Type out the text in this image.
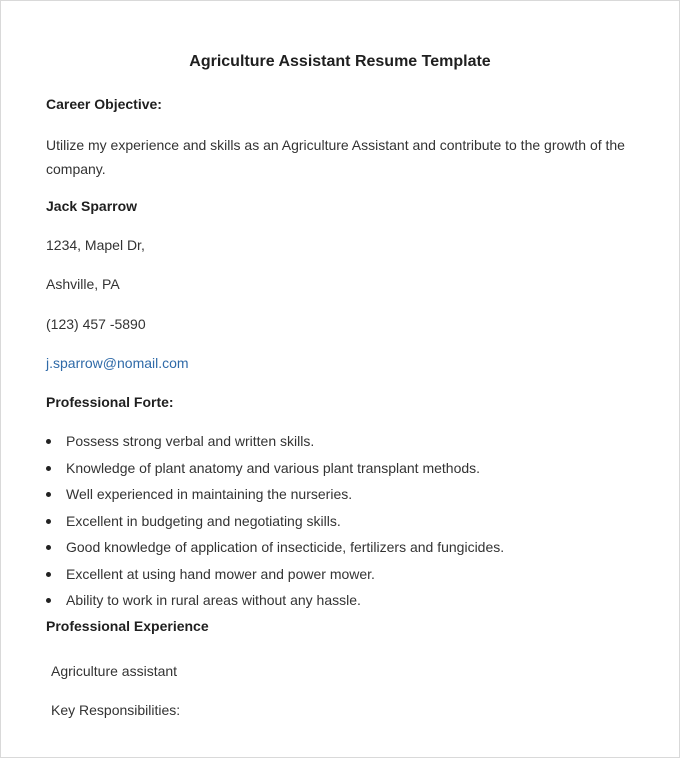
Agriculture Assistant Resume Template
Career Objective:
Utilize my experience and skills as an Agriculture Assistant and contribute to the growth of the company.
Jack Sparrow
1234, Mapel Dr,
Ashville, PA
(123) 457 -5890
j.sparrow@nomail.com
Professional Forte:
Possess strong verbal and written skills.
Knowledge of plant anatomy and various plant transplant methods.
Well experienced in maintaining the nurseries.
Excellent in budgeting and negotiating skills.
Good knowledge of application of insecticide, fertilizers and fungicides.
Excellent at using hand mower and power mower.
Ability to work in rural areas without any hassle.
Professional Experience
Agriculture assistant
Key Responsibilities:
